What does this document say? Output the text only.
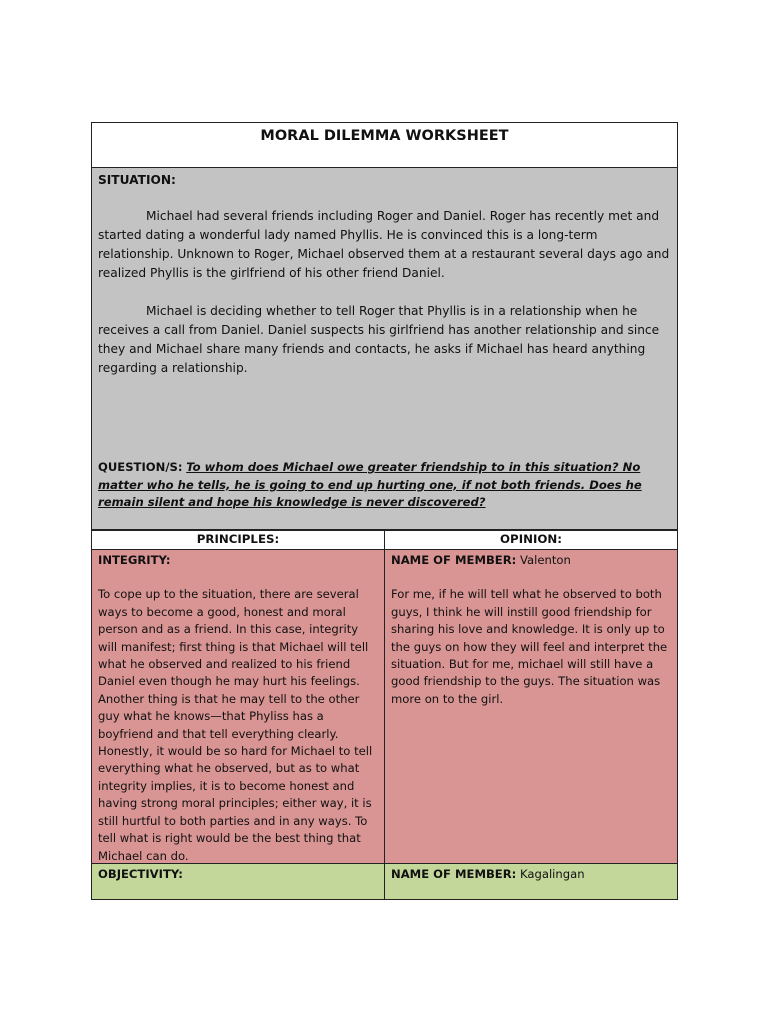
MORAL DILEMMA WORKSHEET

SITUATION:

Michael had several friends including Roger and Daniel. Roger has recently met and started dating a wonderful lady named Phyllis. He is convinced this is a long-term relationship. Unknown to Roger, Michael observed them at a restaurant several days ago and realized Phyllis is the girlfriend of his other friend Daniel.

Michael is deciding whether to tell Roger that Phyllis is in a relationship when he receives a call from Daniel. Daniel suspects his girlfriend has another relationship and since they and Michael share many friends and contacts, he asks if Michael has heard anything regarding a relationship.

QUESTION/S: To whom does Michael owe greater friendship to in this situation? No matter who he tells, he is going to end up hurting one, if not both friends. Does he remain silent and hope his knowledge is never discovered?
PRINCIPLES:	OPINION:
INTEGRITY:
To cope up to the situation, there are several ways to become a good, honest and moral person and as a friend. In this case, integrity will manifest; first thing is that Michael will tell what he observed and realized to his friend Daniel even though he may hurt his feelings. Another thing is that he may tell to the other guy what he knows—that Phyliss has a boyfriend and that tell everything clearly. Honestly, it would be so hard for Michael to tell everything what he observed, but as to what integrity implies, it is to become honest and having strong moral principles; either way, it is still hurtful to both parties and in any ways. To tell what is right would be the best thing that Michael can do.
NAME OF MEMBER: Valenton
For me, if he will tell what he observed to both guys, I think he will instill good friendship for sharing his love and knowledge. It is only up to the guys on how they will feel and interpret the situation. But for me, michael will still have a good friendship to the guys. The situation was more on to the girl.
OBJECTIVITY:	NAME OF MEMBER: Kagalingan
